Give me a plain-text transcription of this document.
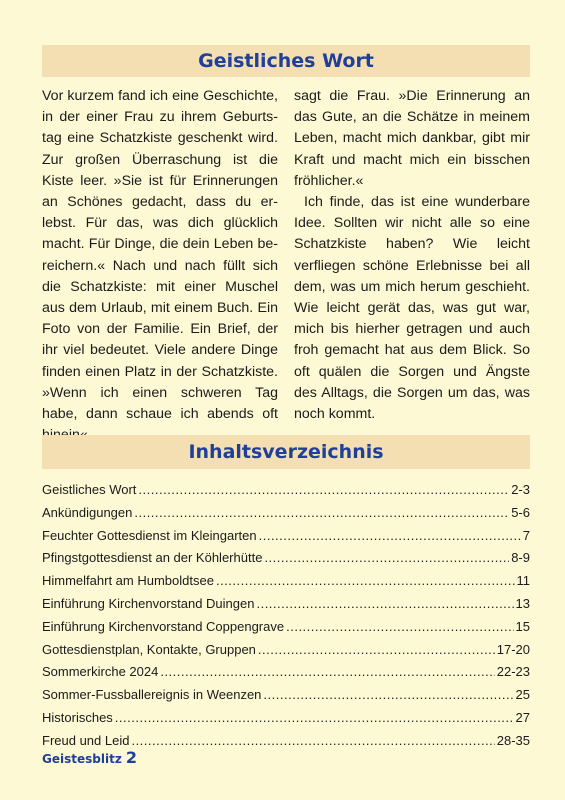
Geistliches Wort

Vor kurzem fand ich eine Geschichte, in der einer Frau zu ihrem Geburtstag eine Schatzkiste geschenkt wird. Zur großen Überraschung ist die Kiste leer. »Sie ist für Erinnerungen an Schönes gedacht, dass du erlebst. Für das, was dich glücklich macht. Für Dinge, die dein Leben bereichern.« Nach und nach füllt sich die Schatzkiste: mit einer Muschel aus dem Urlaub, mit einem Buch. Ein Foto von der Familie. Ein Brief, der ihr viel bedeutet. Viele andere Dinge finden einen Platz in der Schatzkiste. »Wenn ich einen schweren Tag habe, dann schaue ich abends oft

sagt die Frau. »Die Erinnerung an das Gute, an die Schätze in meinem Leben, macht mich dankbar, gibt mir Kraft und macht mich ein bisschen fröhlicher.«

Ich finde, das ist eine wunderbare Idee. Sollten wir nicht alle so eine Schatzkiste haben? Wie leicht verfliegen schöne Erlebnisse bei all dem, was um mich herum geschieht. Wie leicht gerät das, was gut war, mich bis hierher getragen und auch froh gemacht hat aus dem Blick. So oft quälen die Sorgen und Ängste des Alltags, die Sorgen um das, was noch kommt.

Inhaltsverzeichnis
Geistliches Wort .....	2-3
Ankündigungen .....	5-6
Feuchter Gottesdienst im Kleingarten .....	7
Pfingstgottesdienst an der Köhlerhütte .....	8-9
Himmelfahrt am Humboldtsee .....	11
Einführung Kirchenvorstand Duingen .....	13
Einführung Kirchenvorstand Coppengrave .....	15
Gottesdienstplan, Kontakte, Gruppen .....	17-20
Sommerkirche 2024 .....	22-23
Sommer-Fussballereignis in Weenzen .....	25
Historisches .....	27
Freud und Leid .....	28-35
Geistesblitz 2
